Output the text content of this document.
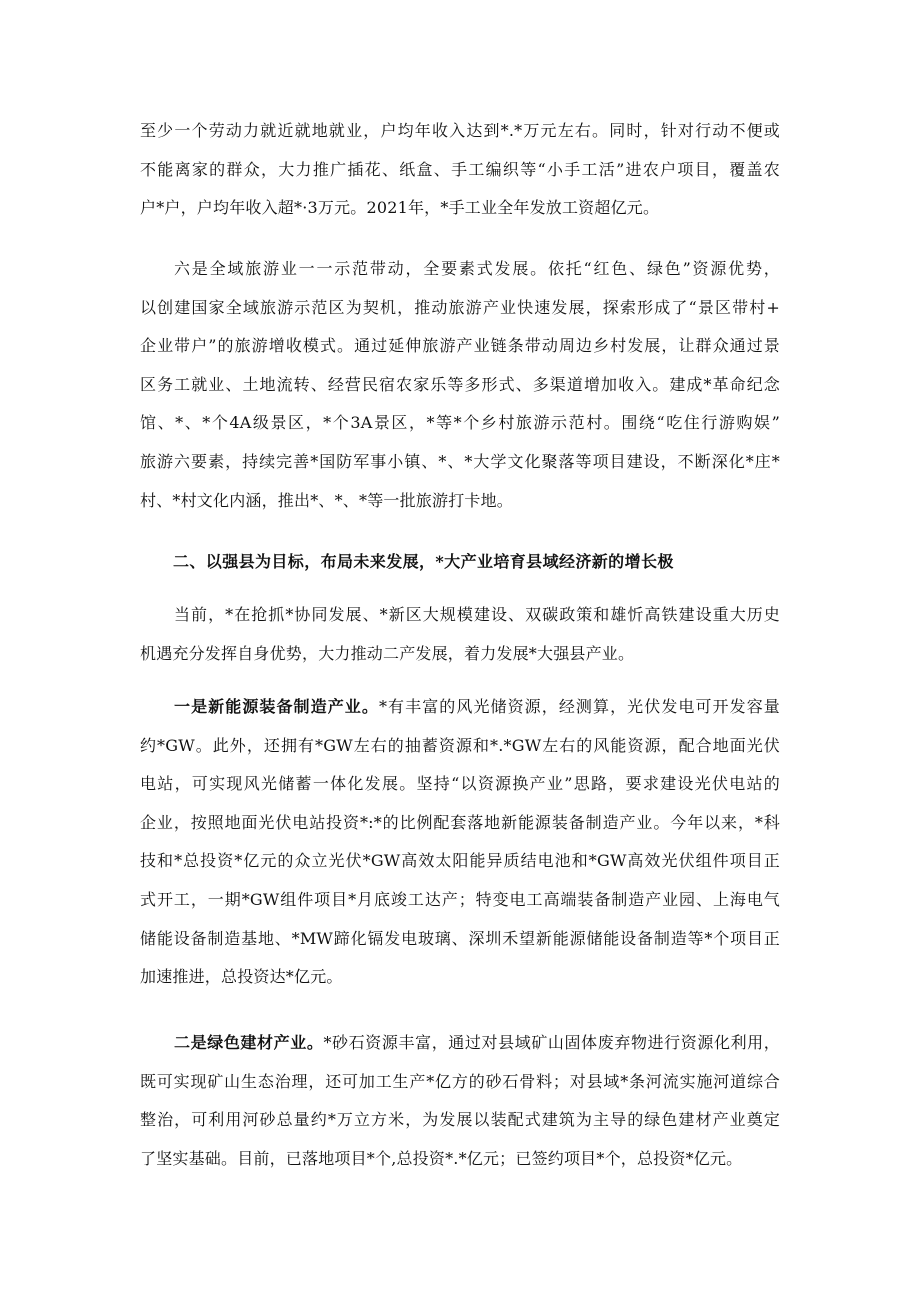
至少一个劳动力就近就地就业，户均年收入达到*.*万元左右。同时，针对行动不便或
不能离家的群众，大力推广插花、纸盒、手工编织等“小手工活”进农户项目，覆盖农
户*户，户均年收入超*·3万元。2021年，*手工业全年发放工资超亿元。
六是全域旅游业一一示范带动，全要素式发展。依托“红色、绿色”资源优势，
以创建国家全域旅游示范区为契机，推动旅游产业快速发展，探索形成了“景区带村+
企业带户”的旅游增收模式。通过延伸旅游产业链条带动周边乡村发展，让群众通过景
区务工就业、土地流转、经营民宿农家乐等多形式、多渠道增加收入。建成*革命纪念
馆、*、*个4A级景区，*个3A景区，*等*个乡村旅游示范村。围绕“吃住行游购娱”
旅游六要素，持续完善*国防军事小镇、*、*大学文化聚落等项目建设，不断深化*庄*
村、*村文化内涵，推出*、*、*等一批旅游打卡地。
二、以强县为目标，布局未来发展，*大产业培育县域经济新的增长极
当前，*在抢抓*协同发展、*新区大规模建设、双碳政策和雄忻高铁建设重大历史
机遇充分发挥自身优势，大力推动二产发展，着力发展*大强县产业。
一是新能源装备制造产业。*有丰富的风光储资源，经测算，光伏发电可开发容量
约*GW。此外，还拥有*GW左右的抽蓄资源和*.*GW左右的风能资源，配合地面光伏
电站，可实现风光储蓄一体化发展。坚持“以资源换产业”思路，要求建设光伏电站的
企业，按照地面光伏电站投资*:*的比例配套落地新能源装备制造产业。今年以来，*科
技和*总投资*亿元的众立光伏*GW高效太阳能异质结电池和*GW高效光伏组件项目正
式开工，一期*GW组件项目*月底竣工达产；特变电工高端装备制造产业园、上海电气
储能设备制造基地、*MW蹄化镉发电玻璃、深圳禾望新能源储能设备制造等*个项目正
加速推进，总投资达*亿元。
二是绿色建材产业。*砂石资源丰富，通过对县域矿山固体废弃物进行资源化利用，
既可实现矿山生态治理，还可加工生产*亿方的砂石骨料；对县域*条河流实施河道综合
整治，可利用河砂总量约*万立方米，为发展以装配式建筑为主导的绿色建材产业奠定
了坚实基础。目前，已落地项目*个,总投资*.*亿元；已签约项目*个，总投资*亿元。
